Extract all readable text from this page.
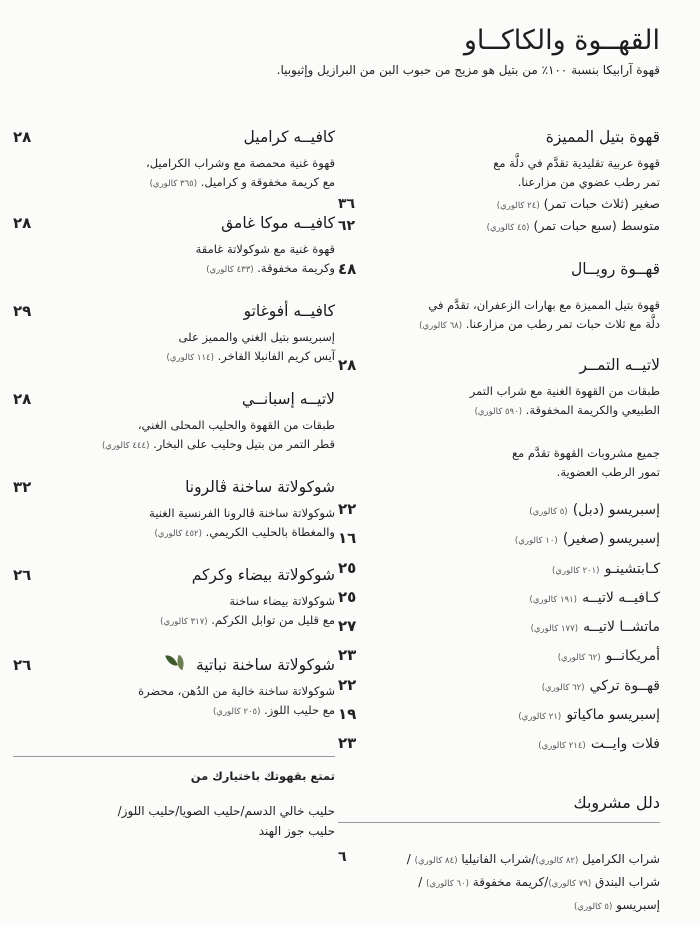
القهــوة والكاكــاو
قهوة آرابيكا بنسبة ١٠٠٪ من بتيل هو مزيج من حبوب البن من البرازيل وإثيوبيا.
قهوة بتيل المميزة
قهوة عربية تقليدية تقدَّم في دلَّة مع
تمر رطب عضوي من مزارعنا.
صغير (ثلاث حبات تمر) (٢٤ كالوري)
٣٦
متوسط (سبع حبات تمر) (٤٥ كالوري)
٦٢
قهــوة رويــال
٤٨
قهوة بتيل المميزة مع بهارات الزعفران، تقدَّم في
دلَّة مع ثلاث حبات تمر رطب من مزارعنا. (٦٨ كالوري)
لاتيــه التمــر
٢٨
طبقات من القهوة الغنية مع شراب التمر
الطبيعي والكريمة المخفوقة. (٥٩٠ كالوري)
جميع مشروبات القهوة تقدَّم مع
تمور الرطب العضوية.
إسبريسو (دبل) (٥ كالوري)
٢٢
إسبريسو (صغير) (١٠ كالوري)
١٦
كـابتشينـو (٢٠١ كالوري)
٢٥
كـافيــه لاتيــه (١٩١ كالوري)
٢٥
ماتشــا لاتيــه (١٧٧ كالوري)
٢٧
أمريكانــو (٦٢ كالوري)
٢٣
قهــوة تركي (٦٢ كالوري)
٢٢
إسبريسو ماكياتو (٢١ كالوري)
١٩
فلات وايــت (٢١٤ كالوري)
٢٣
دلل مشروبك
شراب الكراميل (٨٢ كالوري)/شراب الفانيليا (٨٤ كالوري) /
شراب البندق (٧٩ كالوري)/كريمة مخفوقة (٦٠ كالوري) /
إسبريسو (٥ كالوري)
٦
كافيــه كراميل
٢٨
قهوة غنية محمصة مع وشراب الكراميل،
مع كريمة مخفوقة و كراميل. (٣٦٥ كالوري)
كافيــه موكا غامق
٢٨
قهوة غنية مع شوكولاتة غامقة
وكريمة مخفوقة. (٤٣٣ كالوري)
كافيــه أفوغاتو
٢٩
إسبريسو بتيل الغني والمميز على
آيس كريم الفانيلا الفاخر. (١١٤ كالوري)
لاتيــه إسبانــي
٢٨
طبقات من القهوة والحليب المحلى الغني،
قطر التمر من بتيل وحليب على البخار. (٤٤٤ كالوري)
شوكولاتة ساخنة ڤالرونا
٣٢
شوكولاتة ساخنة ڤالرونا الفرنسية الغنية
والمغطاة بالحليب الكريمي. (٤٥٢ كالوري)
شوكولاتة بيضاء وكركم
٢٦
شوكولاتة بيضاء ساخنة
مع قليل من توابل الكركم. (٣١٧ كالوري)
شوكولاتة ساخنة نباتية
٢٦
شوكولاتة ساخنة خالية من الدُهن، محضرة
مع حليب اللوز. (٢٠٥ كالوري)
تمتع بقهوتك باختيارك من
حليب خالي الدسم/حليب الصويا/حليب اللوز/
حليب جوز الهند
